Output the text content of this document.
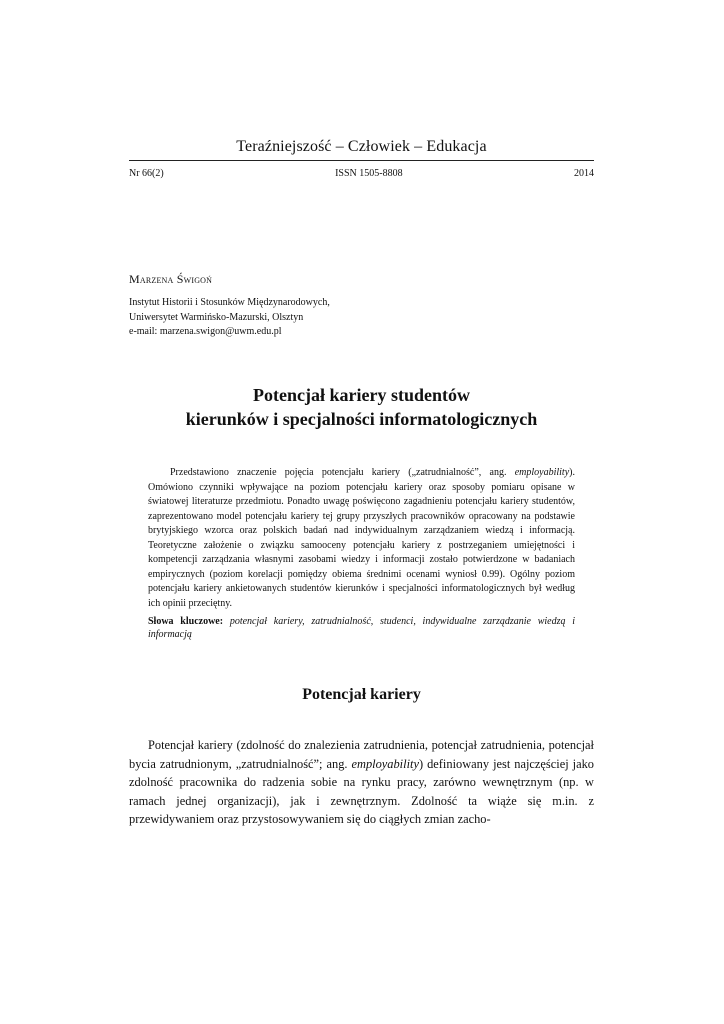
Teraźniejszość – Człowiek – Edukacja
Nr 66(2)	ISSN 1505-8808	2014
Marzena Świgoń
Instytut Historii i Stosunków Międzynarodowych,
Uniwersytet Warmińsko-Mazurski, Olsztyn
e-mail: marzena.swigon@uwm.edu.pl
Potencjał kariery studentów
kierunków i specjalności informatologicznych

Przedstawiono znaczenie pojęcia potencjału kariery („zatrudnialność”, ang. employability). Omówiono czynniki wpływające na poziom potencjału kariery oraz sposoby pomiaru opisane w światowej literaturze przedmiotu. Ponadto uwagę poświęcono zagadnieniu potencjału kariery studentów, zaprezentowano model potencjału kariery tej grupy przyszłych pracowników opracowany na podstawie brytyjskiego wzorca oraz polskich badań nad indywidualnym zarządzaniem wiedzą i informacją. Teoretyczne założenie o związku samooceny potencjału kariery z postrzeganiem umiejętności i kompetencji zarządzania własnymi zasobami wiedzy i informacji zostało potwierdzone w badaniach empirycznych (poziom korelacji pomiędzy obiema średnimi ocenami wyniosł 0.99). Ogólny poziom potencjału kariery ankietowanych studentów kierunków i specjalności informatologicznych był według ich opinii przeciętny.

Słowa kluczowe: potencjał kariery, zatrudnialność, studenci, indywidualne zarządzanie wiedzą i informacją
Potencjał kariery

Potencjał kariery (zdolność do znalezienia zatrudnienia, potencjał zatrudnienia, potencjał bycia zatrudnionym, „zatrudnialność”; ang. employability) definiowany jest najczęściej jako zdolność pracownika do radzenia sobie na rynku pracy, zarówno wewnętrznym (np. w ramach jednej organizacji), jak i zewnętrznym. Zdolność ta wiąże się m.in. z przewidywaniem oraz przystosowywaniem się do ciągłych zmian zacho-
